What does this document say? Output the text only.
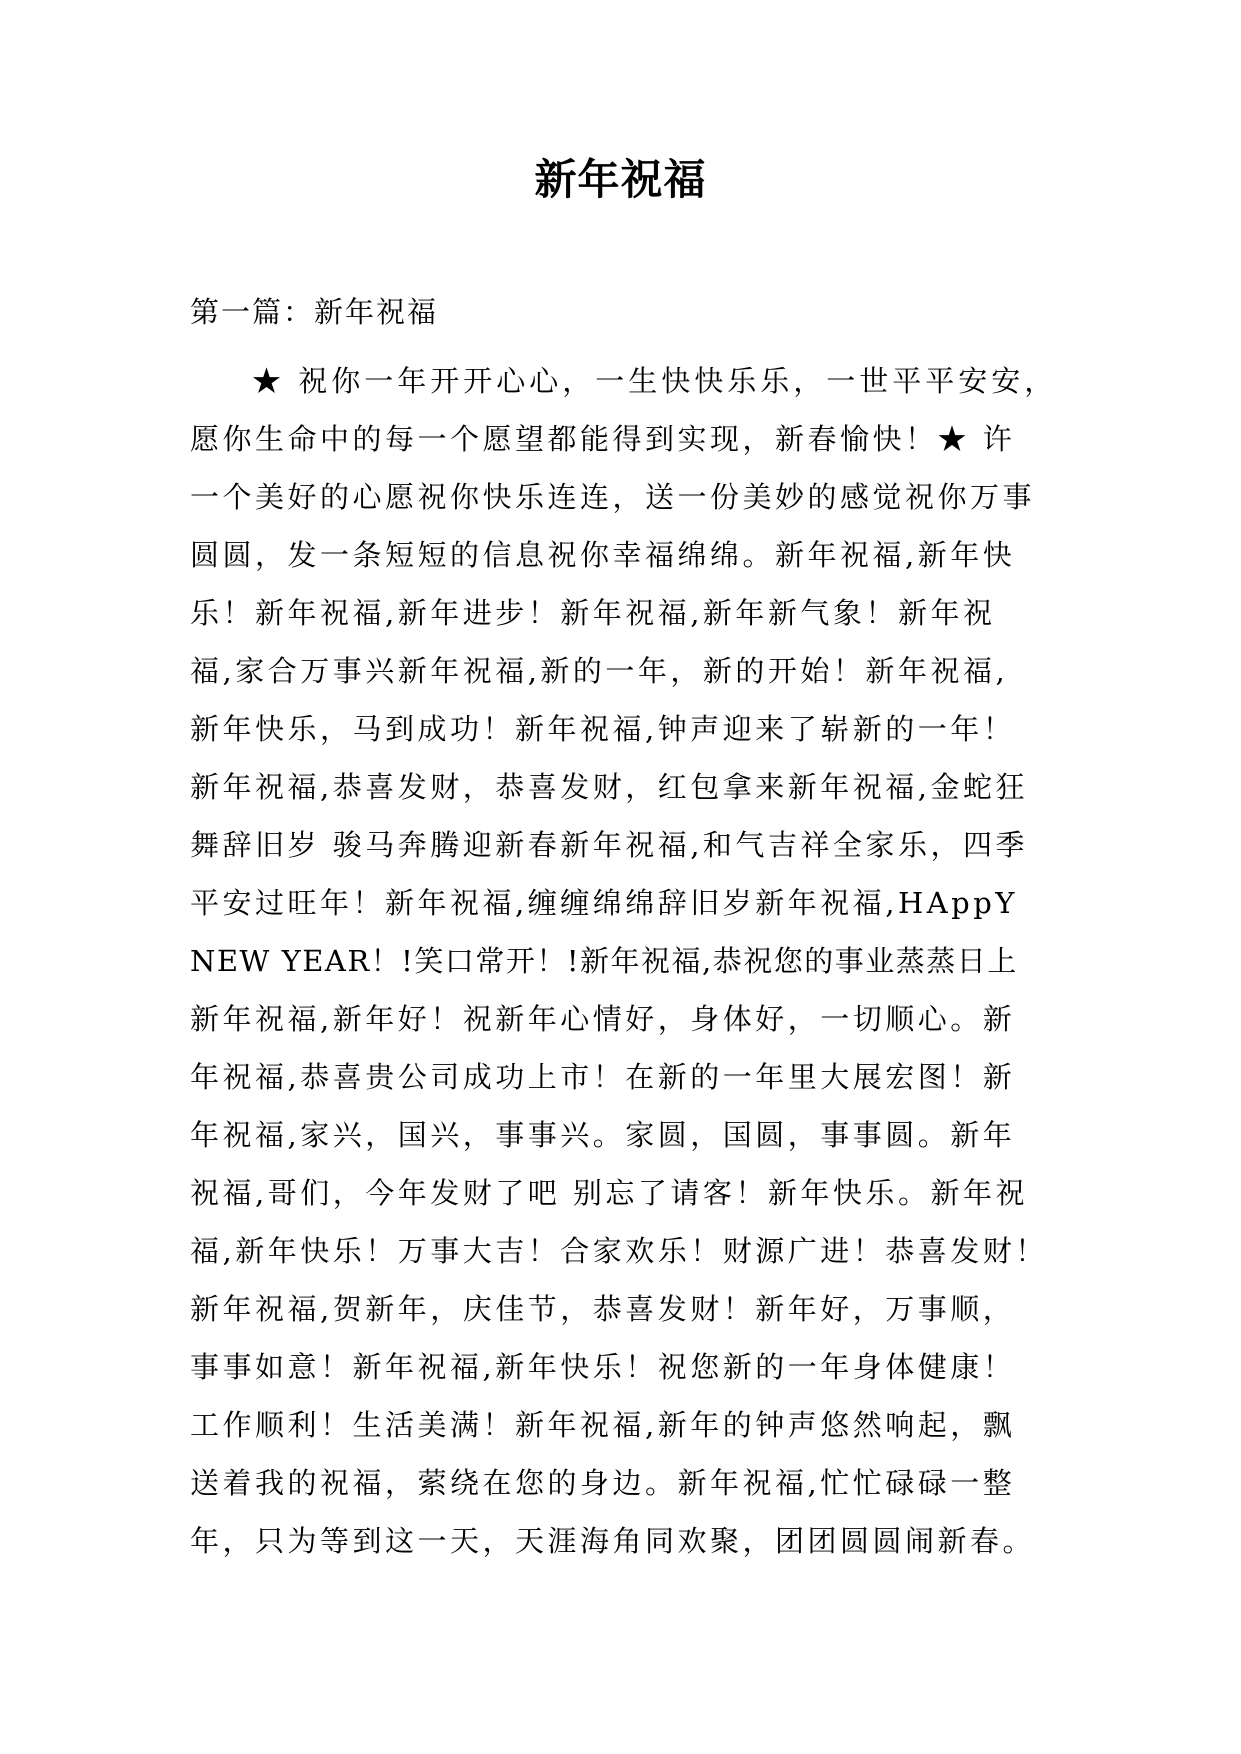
新年祝福
第一篇：新年祝福
★ 祝你一年开开心心，一生快快乐乐，一世平平安安，
愿你生命中的每一个愿望都能得到实现，新春愉快！★ 许
一个美好的心愿祝你快乐连连，送一份美妙的感觉祝你万事
圆圆，发一条短短的信息祝你幸福绵绵。新年祝福,新年快
乐！新年祝福,新年进步！新年祝福,新年新气象！新年祝
福,家合万事兴新年祝福,新的一年，新的开始！新年祝福,
新年快乐，马到成功！新年祝福,钟声迎来了崭新的一年！
新年祝福,恭喜发财，恭喜发财，红包拿来新年祝福,金蛇狂
舞辞旧岁 骏马奔腾迎新春新年祝福,和气吉祥全家乐，四季
平安过旺年！新年祝福,缠缠绵绵辞旧岁新年祝福,HAppY
NEW YEAR！!笑口常开！!新年祝福,恭祝您的事业蒸蒸日上
新年祝福,新年好！祝新年心情好，身体好，一切顺心。新
年祝福,恭喜贵公司成功上市！在新的一年里大展宏图！新
年祝福,家兴，国兴，事事兴。家圆，国圆，事事圆。新年
祝福,哥们，今年发财了吧 别忘了请客！新年快乐。新年祝
福,新年快乐！万事大吉！合家欢乐！财源广进！恭喜发财！
新年祝福,贺新年，庆佳节，恭喜发财！新年好，万事顺，
事事如意！新年祝福,新年快乐！祝您新的一年身体健康！
工作顺利！生活美满！新年祝福,新年的钟声悠然响起，飘
送着我的祝福，萦绕在您的身边。新年祝福,忙忙碌碌一整
年，只为等到这一天，天涯海角同欢聚，团团圆圆闹新春。
